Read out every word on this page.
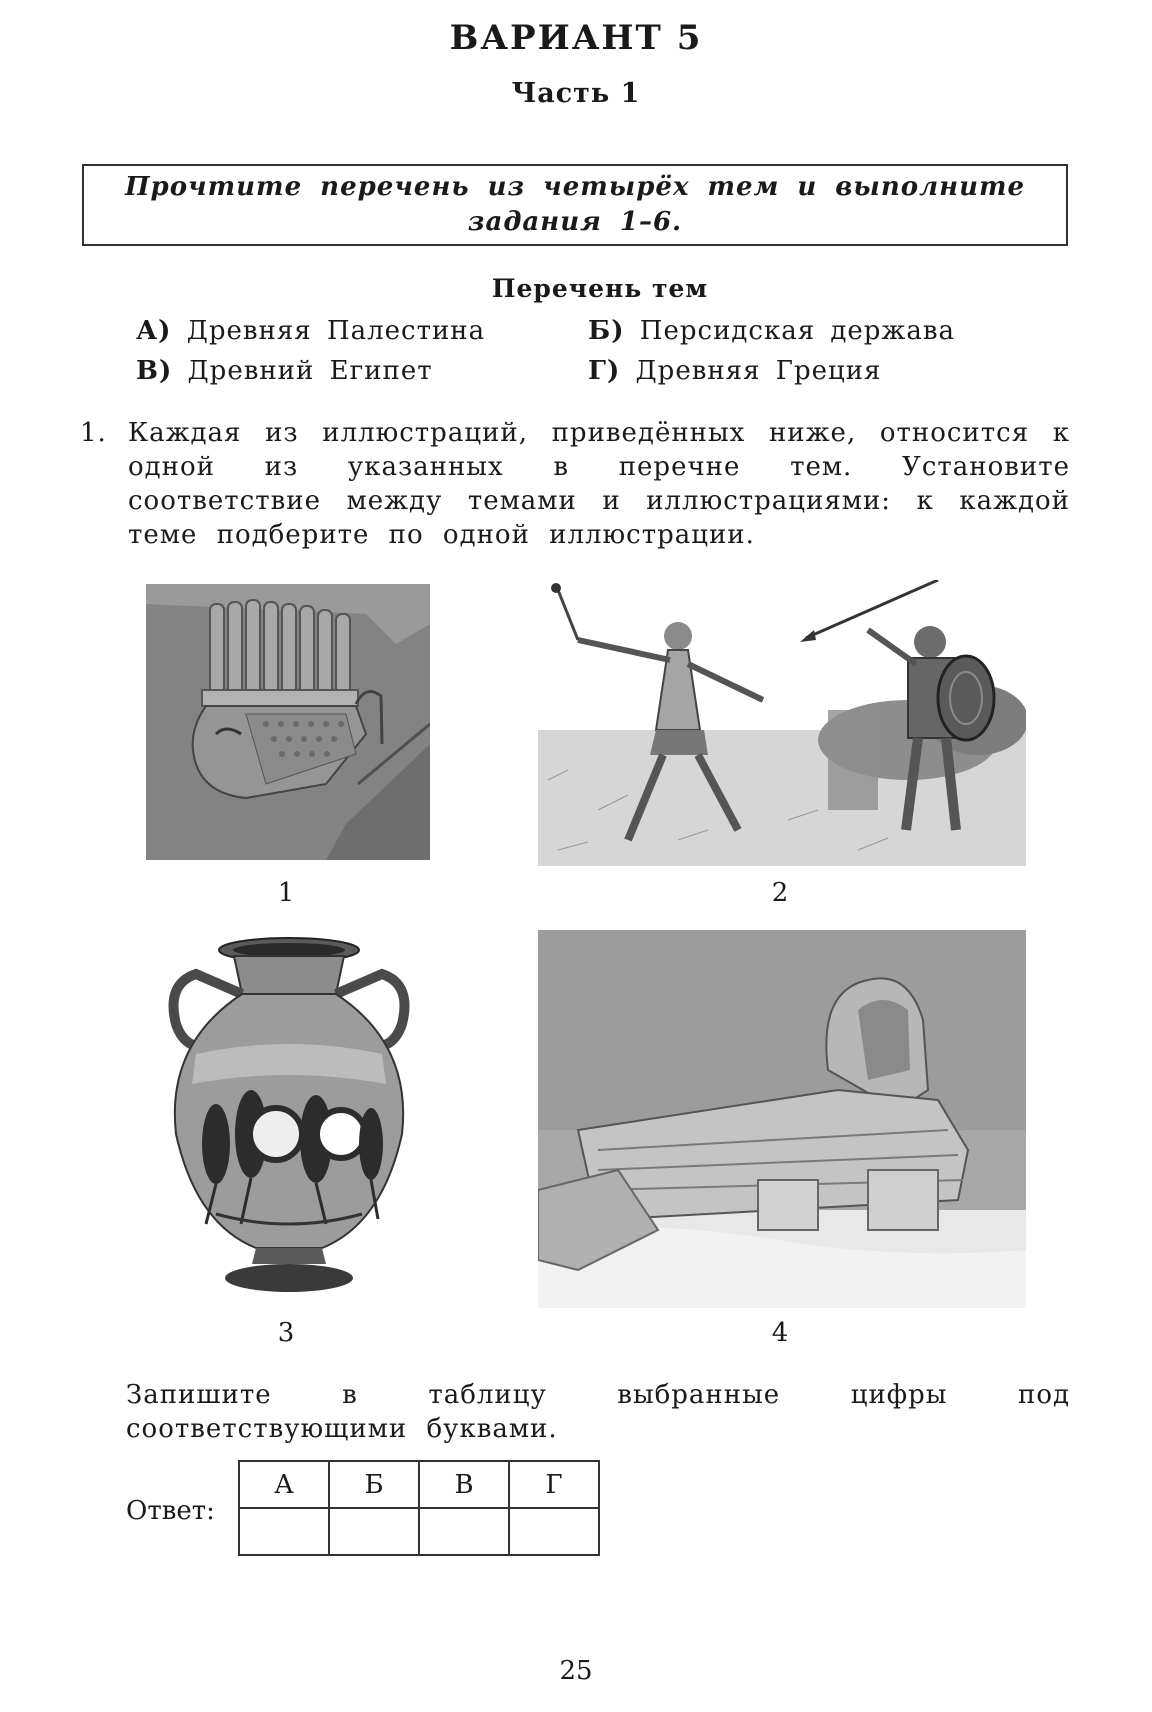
ВАРИАНТ 5
Часть 1
Прочтите перечень из четырёх тем и выполните
задания 1–6.
Перечень тем
А) Древняя Палестина	Б) Персидская держава
В) Древний Египет	Г) Древняя Греция
1. Каждая из иллюстраций, приведённых ниже, относится к одной из указанных в перечне тем. Установите соответствие между темами и иллюстрациями: к каждой теме подберите по одной иллюстрации.
1	2
3	4
Запишите в таблицу выбранные цифры под соответствующими буквами.
Ответ:
А	Б	В	Г

25
